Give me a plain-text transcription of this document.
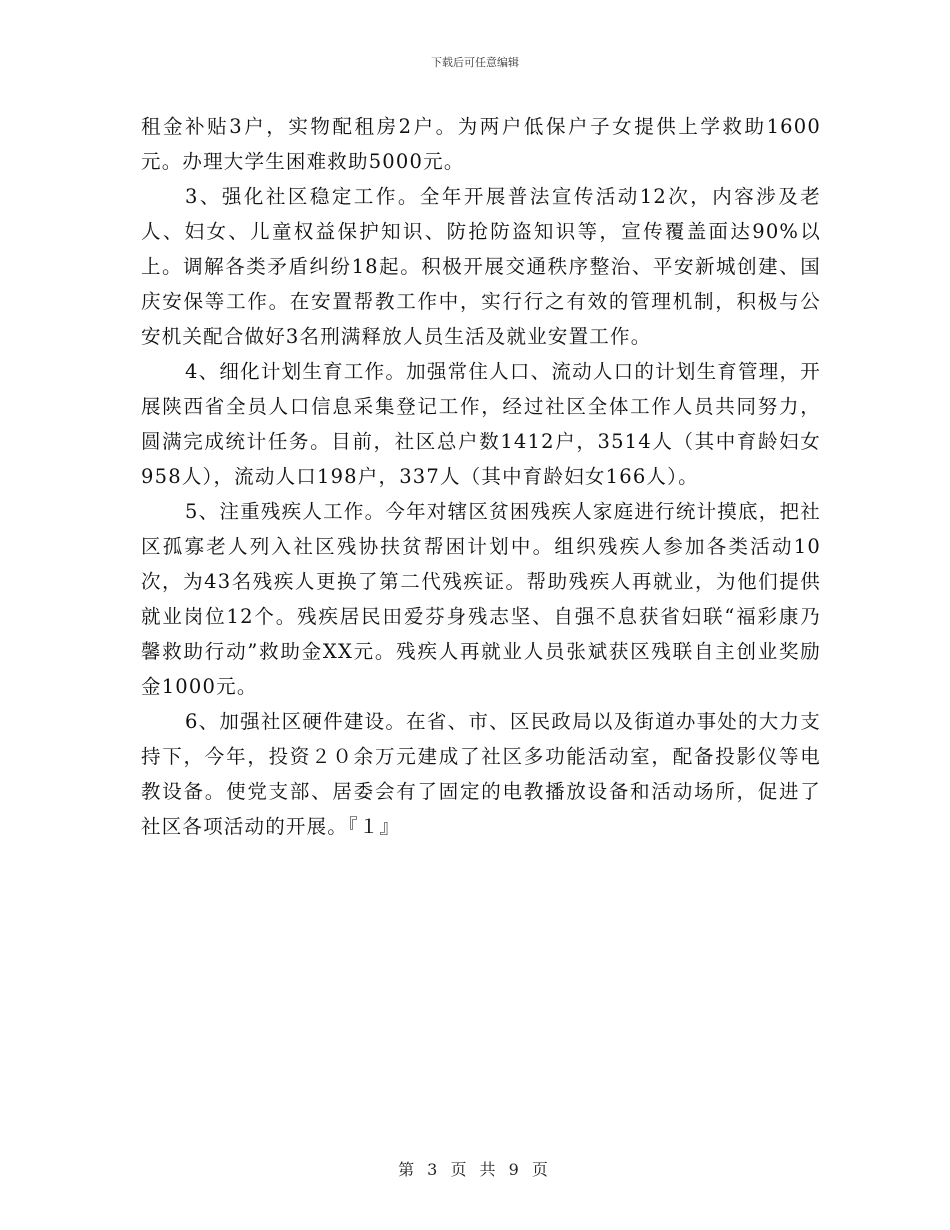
下载后可任意编辑

租金补贴3户，实物配租房2户。为两户低保户子女提供上学救助1600元。办理大学生困难救助5000元。

3、强化社区稳定工作。全年开展普法宣传活动12次，内容涉及老人、妇女、儿童权益保护知识、防抢防盗知识等，宣传覆盖面达90%以上。调解各类矛盾纠纷18起。积极开展交通秩序整治、平安新城创建、国庆安保等工作。在安置帮教工作中，实行行之有效的管理机制，积极与公安机关配合做好3名刑满释放人员生活及就业安置工作。

4、细化计划生育工作。加强常住人口、流动人口的计划生育管理，开展陕西省全员人口信息采集登记工作，经过社区全体工作人员共同努力，圆满完成统计任务。目前，社区总户数1412户，3514人（其中育龄妇女958人），流动人口198户，337人（其中育龄妇女166人）。

5、注重残疾人工作。今年对辖区贫困残疾人家庭进行统计摸底，把社区孤寡老人列入社区残协扶贫帮困计划中。组织残疾人参加各类活动10次，为43名残疾人更换了第二代残疾证。帮助残疾人再就业，为他们提供就业岗位12个。残疾居民田爱芬身残志坚、自强不息获省妇联“福彩康乃馨救助行动”救助金XX元。残疾人再就业人员张斌获区残联自主创业奖励金1000元。

6、加强社区硬件建设。在省、市、区民政局以及街道办事处的大力支持下，今年，投资２０余万元建成了社区多功能活动室，配备投影仪等电教设备。使党支部、居委会有了固定的电教播放设备和活动场所，促进了社区各项活动的开展。『１』

第 3 页 共 9 页
